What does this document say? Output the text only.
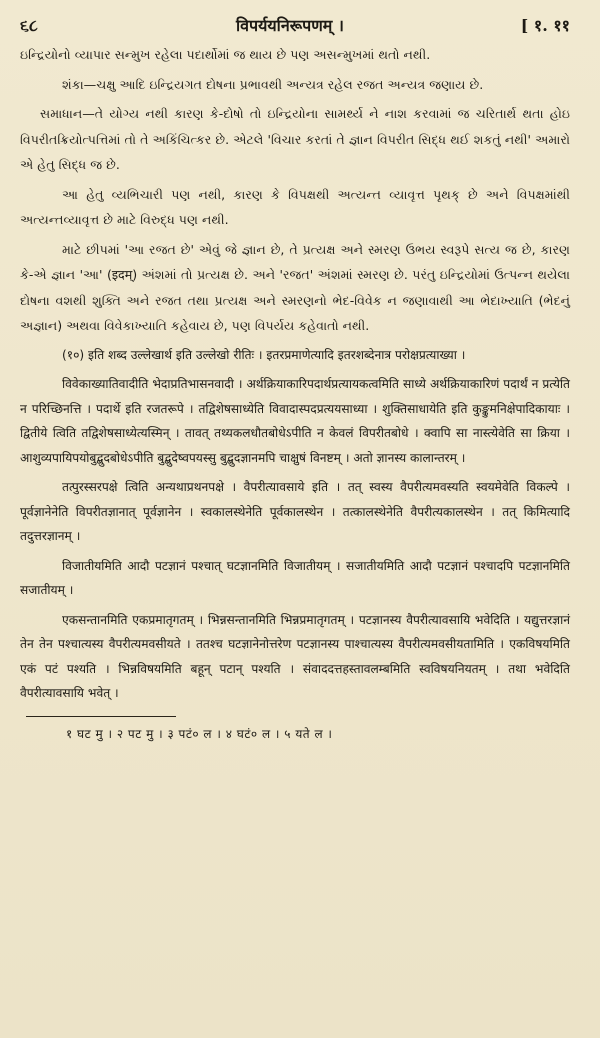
૬૮	विपर्ययनिरूपणम् ।	[ १. ११

ઇન્દ્રિયોનો વ્યાપાર સન્મુખ રહેલા પદાર્થોમાં જ થાય છે પણ અસન્મુખમાં થતો નથી.

શંકા—ચક્ષુ આદિ ઇન્દ્રિયગત દોષના પ્રભાવથી અન્યત્ર રહેલ રજત અન્યત્ર જણાય છે.

સમાધાન—તે યોગ્ય નથી કારણ કે-દોષો તો ઇન્દ્રિયોના સામર્થ્ય ને નાશ કરવામાં જ ચરિતાર્થ થતા હોઇ વિપરીતક્રિયોત્પત્તિમાં તો તે અકિંચિત્કર છે. એટલે 'વિચાર કરતાં તે જ્ઞાન વિપરીત સિદ્ધ થઈ શકતું નથી' અમારો એ હેતુ સિદ્ધ જ છે.

આ હેતુ વ્યભિચારી પણ નથી, કારણ કે વિપક્ષથી અત્યન્ત વ્યાવૃત્ત પૃથક્ છે અને વિપક્ષમાંથી અત્યન્તવ્યાવૃત્ત છે માટે વિરુદ્ધ પણ નથી.

માટે છીપમાં 'આ રજત છે' એવું જે જ્ઞાન છે, તે પ્રત્યક્ષ અને સ્મરણ ઉભય સ્વરૂપે સત્ય જ છે, કારણ કે-એ જ્ઞાન 'આ' (इदम्) અંશમાં તો પ્રત્યક્ષ છે. અને 'રજત' અંશમાં સ્મરણ છે. પરંતુ ઇન્દ્રિયોમાં ઉત્પન્ન થયેલા દોષના વશથી શુક્તિ અને રજત તથા પ્રત્યક્ષ અને સ્મરણનો ભેદ-વિવેક ન જણાવાથી આ ભેદાખ્યાતિ (ભેદનું અજ્ઞાન) અથવા વિવેકાખ્યાતિ કહેવાય છે, પણ વિપર્યય કહેવાતો નથી.

(१०) इति शब्द उल्लेखार्थ इति उल्लेखो रीतिः । इतरप्रमाणेत्यादि इतरशब्देनात्र परोक्षप्रत्याख्या ।

विवेकाख्यातिवादीति भेदाप्रतिभासनवादी । अर्थक्रियाकारिपदार्थप्रत्यायकत्वमिति साध्ये अर्थक्रियाकारिणं पदार्थं न प्रत्येति न परिच्छिनत्ति । पदार्थे इति रजतरूपे । तद्विशेषसाध्येति विवादास्पदप्रत्ययसाध्या । शुक्तिसाधायेति इति कुङ्कुमनिक्षेपादिकायाः । द्वितीये त्विति तद्विशेषसाध्येत्यस्मिन् । तावत् तथ्यकलधौतबोधेऽपीति न केवलं विपरीतबोधे । क्वापि सा नास्त्येवेति सा क्रिया । आशुव्यपायिपयोबुद्बुदबोधेऽपीति बुद्बुदेष्वपयस्सु बुद्बुदज्ञानमपि चाक्षुषं विनष्टम् । अतो ज्ञानस्य कालान्तरम् ।

तत्पुरस्सरपक्षे त्विति अन्यथाप्रथनपक्षे । वैपरीत्यावसाये इति । तत् स्वस्य वैपरीत्यमवस्यति स्वयमेवेति विकल्पे । पूर्वज्ञानेनेति विपरीतज्ञानात् पूर्वज्ञानेन । स्वकालस्थेनेति पूर्वकालस्थेन । तत्कालस्थेनेति वैपरीत्यकालस्थेन । तत् किमित्यादि तदुत्तरज्ञानम् ।

विजातीयमिति आदौ पटज्ञानं पश्चात् घटज्ञानमिति विजातीयम् । सजातीयमिति आदौ पटज्ञानं पश्चादपि पटज्ञानमिति सजातीयम् ।

एकसन्तानमिति एकप्रमातृगतम् । भिन्नसन्तानमिति भिन्नप्रमातृगतम् । पटज्ञानस्य वैपरीत्यावसायि भवेदिति । यद्युत्तरज्ञानं तेन तेन पश्चात्यस्य वैपरीत्यमवसीयते । ततश्च घटज्ञानेनोत्तरेण पटज्ञानस्य पाश्चात्यस्य वैपरीत्यमवसीयतामिति । एकविषयमिति एकं पटं पश्यति । भिन्नविषयमिति बहून् पटान् पश्यति । संवाददत्तहस्तावलम्बमिति स्वविषयनियतम् । तथा भवेदिति वैपरीत्यावसायि भवेत् ।

१ घट मु । २ पट मु । ३ पटं० ल । ४ घटं० ल । ५ यते ल ।
